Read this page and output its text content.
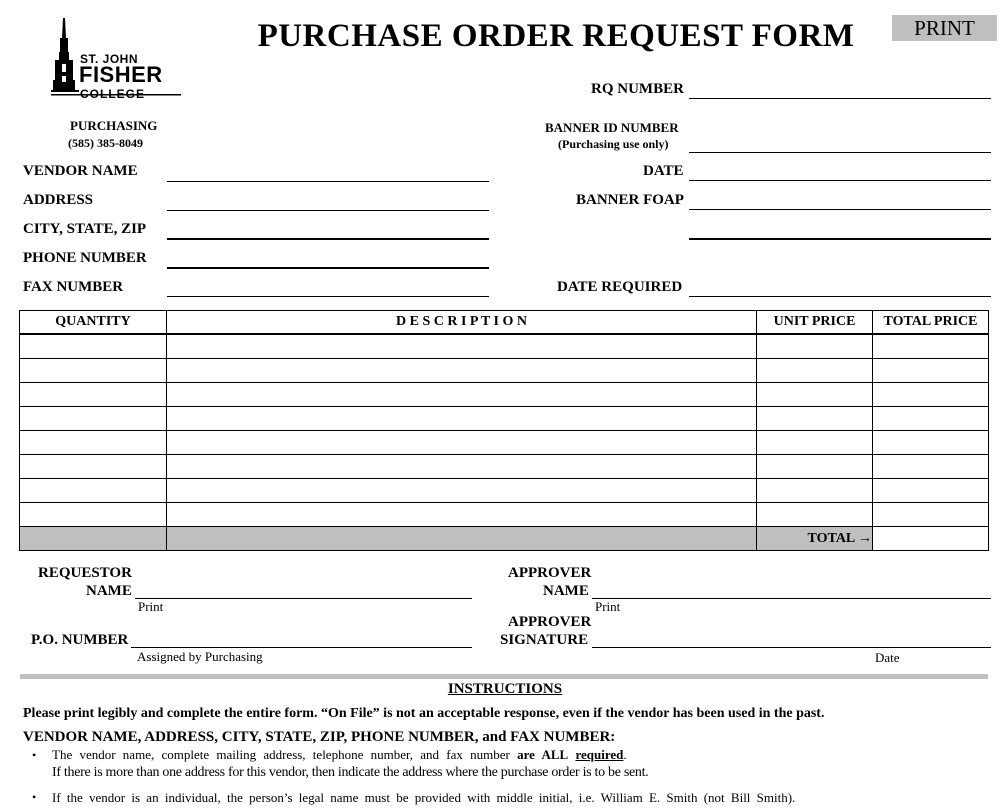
PURCHASE ORDER REQUEST FORM	PRINT
ST. JOHN
FISHER
COLLEGE
PURCHASING
(585) 385-8049
RQ NUMBER
BANNER ID NUMBER
(Purchasing use only)
DATE
BANNER FOAP
DATE REQUIRED
VENDOR NAME
ADDRESS
CITY, STATE, ZIP
PHONE NUMBER
FAX NUMBER
QUANTITY	D E S C R I P T I O N	UNIT PRICE	TOTAL PRICE

		TOTAL →	
REQUESTOR
NAME
Print
P.O. NUMBER
Assigned by Purchasing
APPROVER
NAME
Print
APPROVER
SIGNATURE
Date
INSTRUCTIONS
Please print legibly and complete the entire form. “On File” is not an acceptable response, even if the vendor has been used in the past.
VENDOR NAME, ADDRESS, CITY, STATE, ZIP, PHONE NUMBER, and FAX NUMBER:
• The vendor name, complete mailing address, telephone number, and fax number are ALL required.
If there is more than one address for this vendor, then indicate the address where the purchase order is to be sent.
• If the vendor is an individual, the person’s legal name must be provided with middle initial, i.e. William E. Smith (not Bill Smith).
